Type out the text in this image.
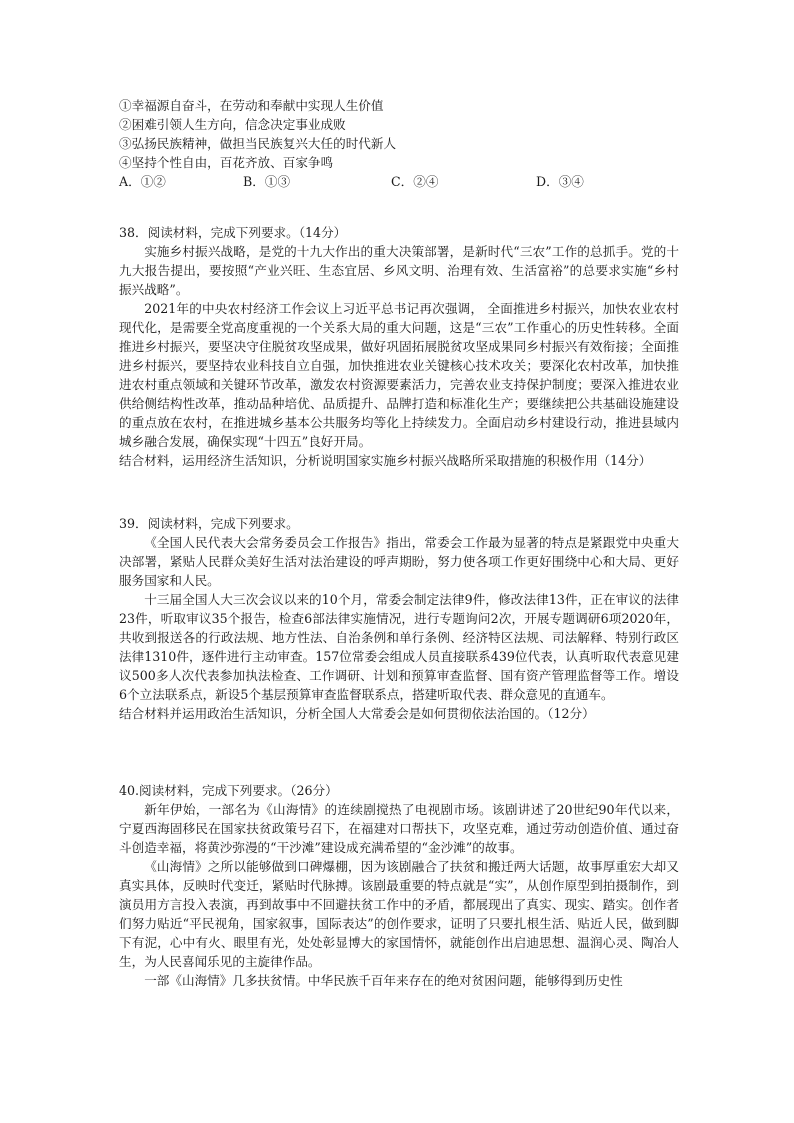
①幸福源自奋斗，在劳动和奉献中实现人生价值
②困难引领人生方向，信念决定事业成败
③弘扬民族精神，做担当民族复兴大任的时代新人
④坚持个性自由，百花齐放、百家争鸣
A．①②	B．①③	C．②④	D．③④
38．阅读材料，完成下列要求。（14分）
实施乡村振兴战略，是党的十九大作出的重大决策部署，是新时代“三农”工作的总抓手。党的十九大报告提出，要按照“产业兴旺、生态宜居、乡风文明、治理有效、生活富裕”的总要求实施“乡村振兴战略”。
2021年的中央农村经济工作会议上习近平总书记再次强调， 全面推进乡村振兴，加快农业农村现代化，是需要全党高度重视的一个关系大局的重大问题，这是“三农”工作重心的历史性转移。全面推进乡村振兴，要坚决守住脱贫攻坚成果，做好巩固拓展脱贫攻坚成果同乡村振兴有效衔接；全面推进乡村振兴，要坚持农业科技自立自强，加快推进农业关键核心技术攻关；要深化农村改革，加快推进农村重点领域和关键环节改革，激发农村资源要素活力，完善农业支持保护制度；要深入推进农业供给侧结构性改革，推动品种培优、品质提升、品牌打造和标准化生产；要继续把公共基础设施建设的重点放在农村，在推进城乡基本公共服务均等化上持续发力。全面启动乡村建设行动，推进县域内城乡融合发展，确保实现“十四五”良好开局。
结合材料，运用经济生活知识，分析说明国家实施乡村振兴战略所采取措施的积极作用（14分）
39．阅读材料，完成下列要求。
《全国人民代表大会常务委员会工作报告》指出，常委会工作最为显著的特点是紧跟党中央重大决部署，紧贴人民群众美好生活对法治建设的呼声期盼，努力使各项工作更好围绕中心和大局、更好服务国家和人民。
十三届全国人大三次会议以来的10个月，常委会制定法律9件，修改法律13件，正在审议的法律23件，听取审议35个报告，检查6部法律实施情况，进行专题询问2次，开展专题调研6项2020年，共收到报送各的行政法规、地方性法、自治条例和单行条例、经济特区法规、司法解释、特别行政区法律1310件，逐件进行主动审查。157位常委会组成人员直接联系439位代表，认真听取代表意见建议500多人次代表参加执法检查、工作调研、计划和预算审查监督、国有资产管理监督等工作。增设6个立法联系点，新设5个基层预算审查监督联系点，搭建听取代表、群众意见的直通车。
结合材料并运用政治生活知识，分析全国人大常委会是如何贯彻依法治国的。（12分）
40.阅读材料，完成下列要求。（26分）
新年伊始，一部名为《山海情》的连续剧搅热了电视剧市场。该剧讲述了20世纪90年代以来，宁夏西海固移民在国家扶贫政策号召下，在福建对口帮扶下，攻坚克难，通过劳动创造价值、通过奋斗创造幸福，将黄沙弥漫的“干沙滩”建设成充满希望的“金沙滩”的故事。
《山海情》之所以能够做到口碑爆棚，因为该剧融合了扶贫和搬迁两大话题，故事厚重宏大却又真实具体，反映时代变迁，紧贴时代脉搏。该剧最重要的特点就是“实”，从创作原型到拍摄制作，到演员用方言投入表演，再到故事中不回避扶贫工作中的矛盾，都展现出了真实、现实、踏实。创作者们努力贴近“平民视角，国家叙事，国际表达”的创作要求，证明了只要扎根生活、贴近人民，做到脚下有泥，心中有火、眼里有光，处处彰显博大的家国情怀，就能创作出启迪思想、温润心灵、陶冶人生，为人民喜闻乐见的主旋律作品。
一部《山海情》几多扶贫情。中华民族千百年来存在的绝对贫困问题，能够得到历史性
